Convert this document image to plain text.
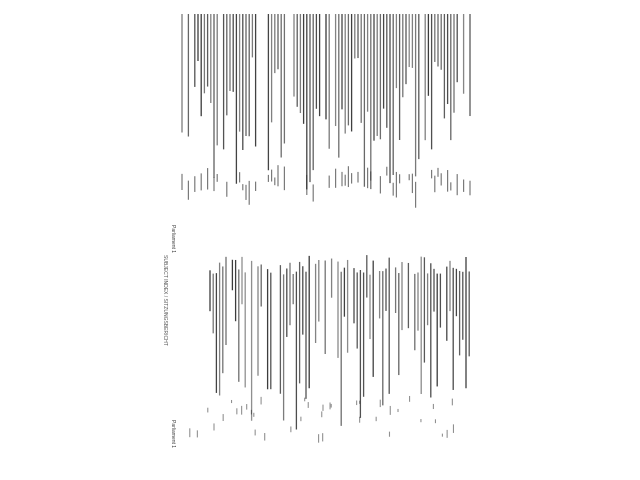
Parliament 1
Parliament 1
SUBJECT INDEX / SITZUNGSBERICHT
